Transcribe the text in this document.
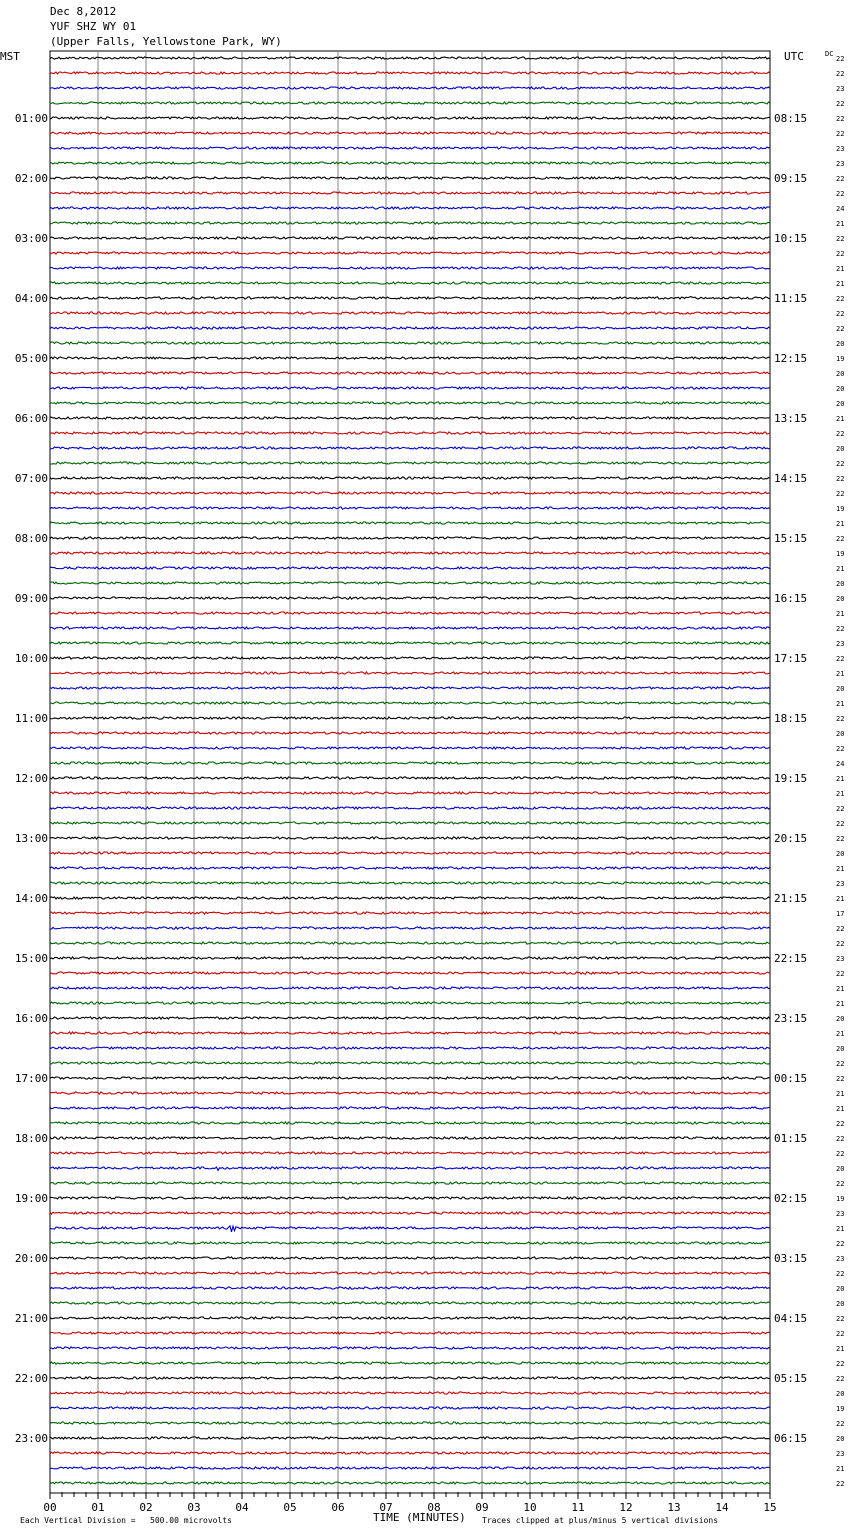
Dec 8,2012
YUF SHZ WY 01
(Upper Falls, Yellowstone Park, WY)
MST	UTC
01:00
02:00
03:00
04:00
05:00
06:00
07:00
08:00
09:00
10:00
11:00
12:00
13:00
14:00
15:00
16:00
17:00
18:00
19:00
20:00
21:00
22:00
23:00
08:15
09:15
10:15
11:15
12:15
13:15
14:15
15:15
16:15
17:15
18:15
19:15
20:15
21:15
22:15
23:15
00:15
01:15
02:15
03:15
04:15
05:15
06:15
DC
22
22
23
22
22
22
23
23
22
22
24
21
22
22
21
21
22
22
22
20
19
20
20
20
21
22
20
22
22
22
19
21
22
19
21
20
20
21
22
23
22
21
20
21
22
20
22
24
21
21
22
22
22
20
21
23
21
17
22
22
23
22
21
21
20
21
20
22
22
21
21
22
22
22
20
22
19
23
21
22
23
22
20
20
22
22
21
22
22
20
19
22
20
23
21
22
00	01	02	03	04	05	06	07	08	09	10	11	12	13	14	15
TIME (MINUTES)
Each Vertical Division =   500.00 microvolts	Traces clipped at plus/minus 5 vertical divisions
